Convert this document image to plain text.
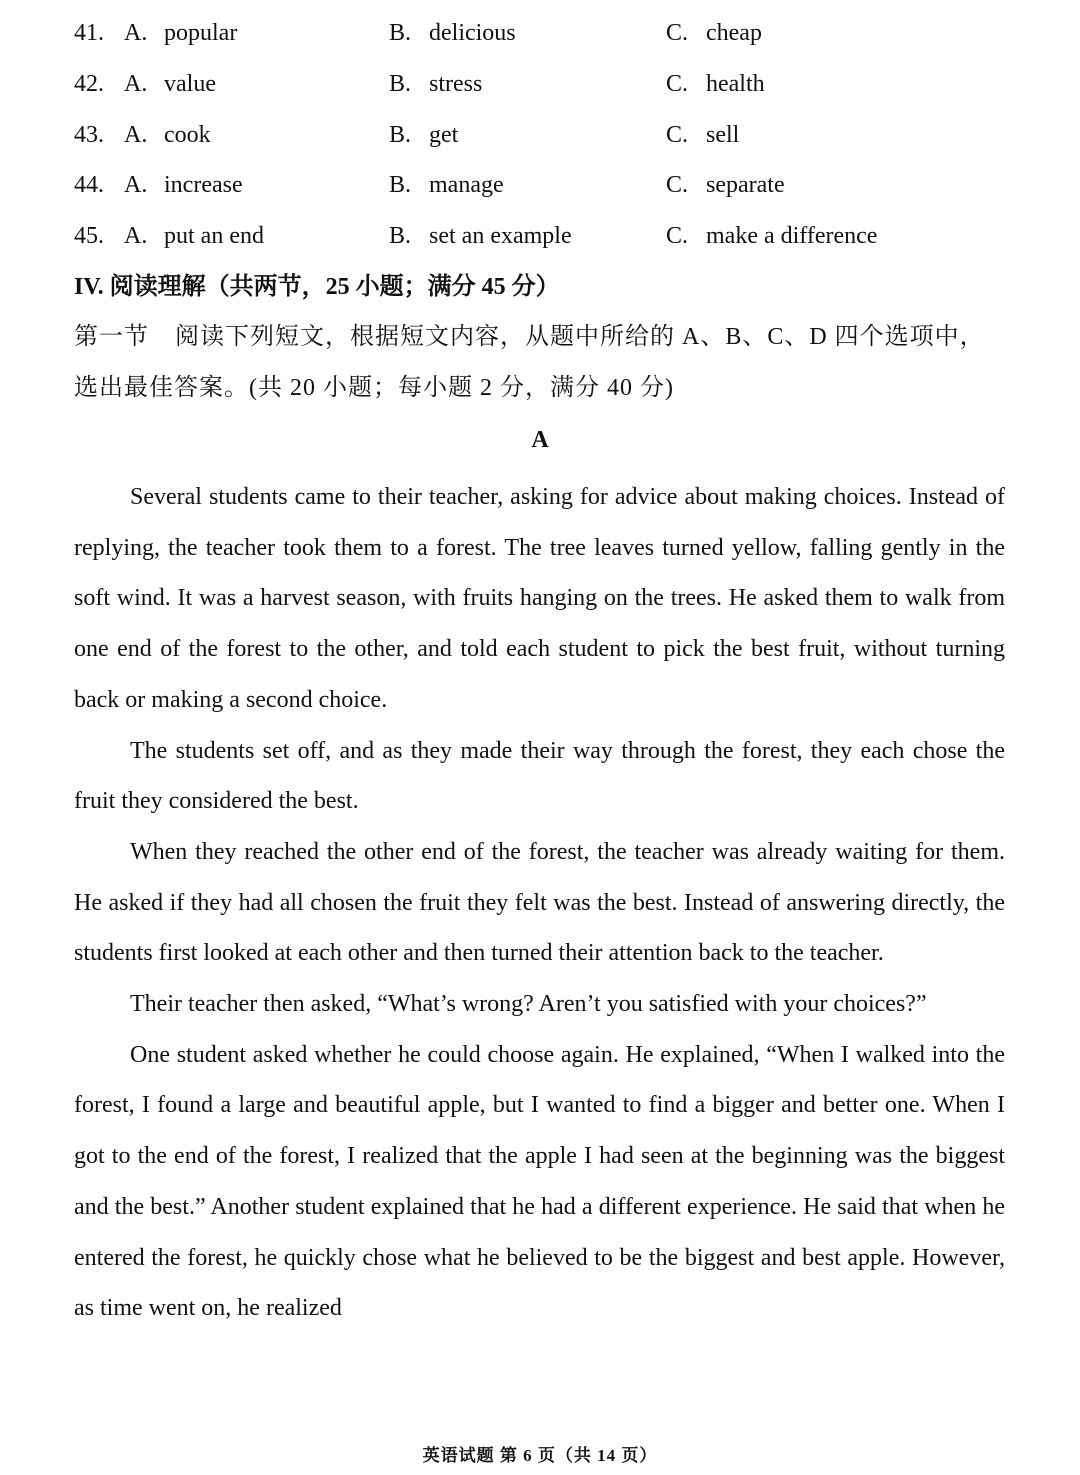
41. A. popular	B. delicious	C. cheap
42. A. value	B. stress	C. health
43. A. cook	B. get	C. sell
44. A. increase	B. manage	C. separate
45. A. put an end	B. set an example	C. make a difference
IV. 阅读理解（共两节，25 小题；满分 45 分）
第一节 阅读下列短文，根据短文内容，从题中所给的 A、B、C、D 四个选项中，选出最佳答案。(共 20 小题；每小题 2 分，满分 40 分)
A

Several students came to their teacher, asking for advice about making choices. Instead of replying, the teacher took them to a forest. The tree leaves turned yellow, falling gently in the soft wind. It was a harvest season, with fruits hanging on the trees. He asked them to walk from one end of the forest to the other, and told each student to pick the best fruit, without turning back or making a second choice.

The students set off, and as they made their way through the forest, they each chose the fruit they considered the best.

When they reached the other end of the forest, the teacher was already waiting for them. He asked if they had all chosen the fruit they felt was the best. Instead of answering directly, the students first looked at each other and then turned their attention back to the teacher.

Their teacher then asked, “What’s wrong? Aren’t you satisfied with your choices?”

One student asked whether he could choose again. He explained, “When I walked into the forest, I found a large and beautiful apple, but I wanted to find a bigger and better one. When I got to the end of the forest, I realized that the apple I had seen at the beginning was the biggest and the best.” Another student explained that he had a different experience. He said that when he entered the forest, he quickly chose what he believed to be the biggest and best apple. However, as time went on, he realized

英语试题 第 6 页（共 14 页）
